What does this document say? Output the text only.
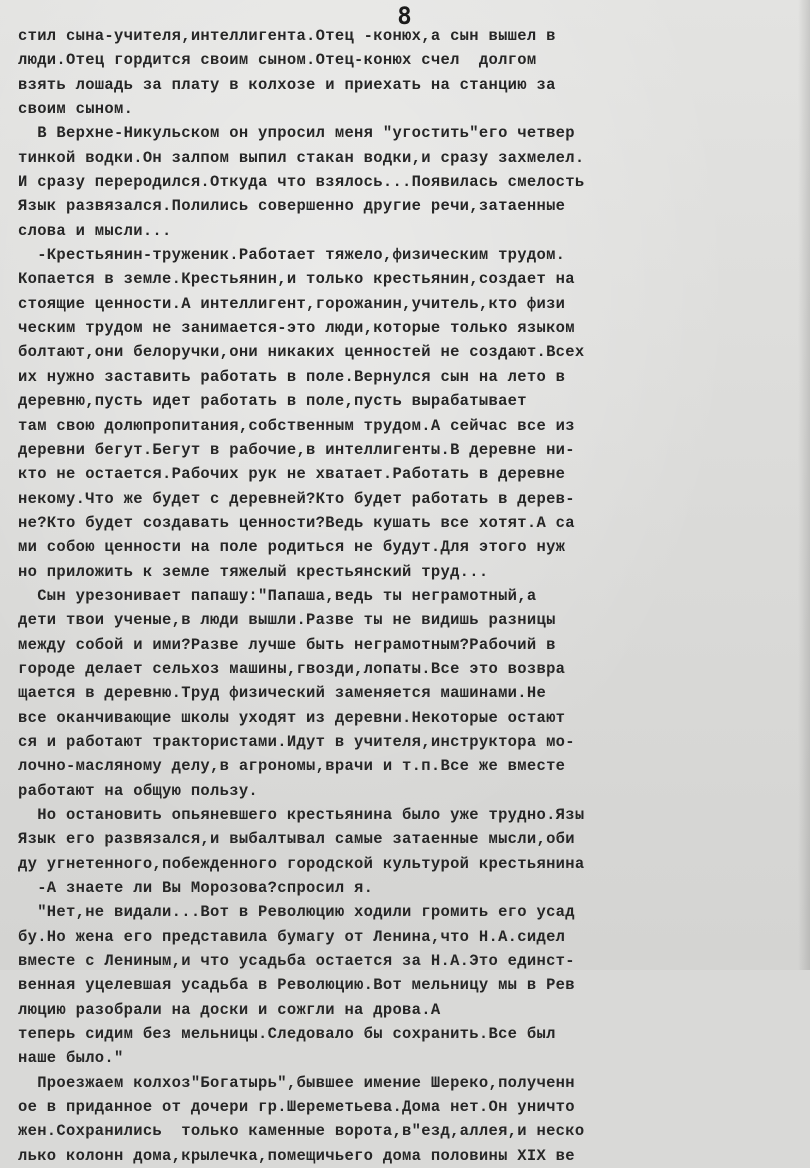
8
стил сына-учителя,интеллигента.Отец -конюх,а сын вышел в
люди.Отец гордится своим сыном.Отец-конюх счел  долгом
взять лошадь за плату в колхозе и приехать на станцию за
своим сыном.
В Верхне-Никульском он упросил меня "угостить"его четвер
тинкой водки.Он залпом выпил стакан водки,и сразу захмелел.
И сразу переродился.Откуда что взялось...Появилась смелость
Язык развязался.Полились совершенно другие речи,затаенные
слова и мысли...
-Крестьянин-труженик.Работает тяжело,физическим трудом.
Копается в земле.Крестьянин,и только крестьянин,создает на
стоящие ценности.А интеллигент,горожанин,учитель,кто физи
ческим трудом не занимается-это люди,которые только языком
болтают,они белоручки,они никаких ценностей не создают.Всех
их нужно заставить работать в поле.Вернулся сын на лето в
деревню,пусть идет работать в поле,пусть вырабатывает
там свою долюпропитания,собственным трудом.А сейчас все из
деревни бегут.Бегут в рабочие,в интеллигенты.В деревне ни-
кто не остается.Рабочих рук не хватает.Работать в деревне
некому.Что же будет с деревней?Кто будет работать в дерев-
не?Кто будет создавать ценности?Ведь кушать все хотят.А са
ми собою ценности на поле родиться не будут.Для этого нуж
но приложить к земле тяжелый крестьянский труд...
Сын урезонивает папашу:"Папаша,ведь ты неграмотный,а
дети твои ученые,в люди вышли.Разве ты не видишь разницы
между собой и ими?Разве лучше быть неграмотным?Рабочий в
городе делает сельхоз машины,гвозди,лопаты.Все это возвра
щается в деревню.Труд физический заменяется машинами.Не
все оканчивающие школы уходят из деревни.Некоторые остают
ся и работают трактористами.Идут в учителя,инструктора мо-
лочно-масляному делу,в агрономы,врачи и т.п.Все же вместе
работают на общую пользу.
Но остановить опьяневшего крестьянина было уже трудно.Язы
Язык его развязался,и выбалтывал самые затаенные мысли,оби
ду угнетенного,побежденного городской культурой крестьянина
-А знаете ли Вы Морозова?спросил я.
"Нет,не видали...Вот в Революцию ходили громить его усад
бу.Но жена его представила бумагу от Ленина,что Н.А.сидел
вместе с Лениным,и что усадьба остается за Н.А.Это единст-
венная уцелевшая усадьба в Революцию.Вот мельницу мы в Рев
люцию разобрали на доски и сожгли на дрова.А
теперь сидим без мельницы.Следовало бы сохранить.Все был
наше было."
Проезжаем колхоз"Богатырь",бывшее имение Шереко,полученн
ое в приданное от дочери гр.Шереметьева.Дома нет.Он уничто
жен.Сохранились  только каменные ворота,в"езд,аллея,и неско
лько колонн дома,крылечка,помещичьего дома половины XIX ве
